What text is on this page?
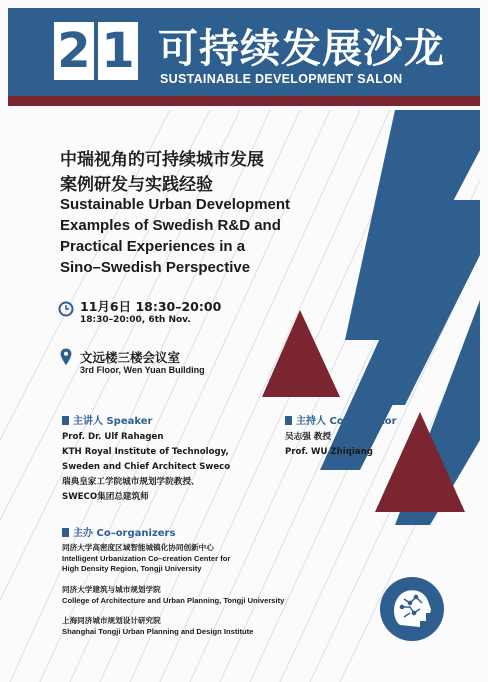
2 1 可持续发展沙龙
SUSTAINABLE DEVELOPMENT SALON
中瑞视角的可持续城市发展
案例研发与实践经验
Sustainable Urban Development
Examples of Swedish R&D and
Practical Experiences in a
Sino–Swedish Perspective
11月6日 18:30–20:00
18:30–20:00, 6th Nov.
文远楼三楼会议室
3rd Floor, Wen Yuan Building
主讲人 Speaker
Prof. Dr. Ulf Rahagen
KTH Royal Institute of Technology,
Sweden and Chief Architect Sweco
瑞典皇家工学院城市规划学院教授、
SWECO集团总建筑师
主持人 Coordinator
吴志强 教授
Prof. WU Zhiqiang
主办 Co–organizers
同济大学高密度区域智能城镇化协同创新中心
Intelligent Urbanization Co–creation Center for
High Density Region, Tongji University
同济大学建筑与城市规划学院
College of Architecture and Urban Planning, Tongji University
上海同济城市规划设计研究院
Shanghai Tongji Urban Planning and Design Institute
